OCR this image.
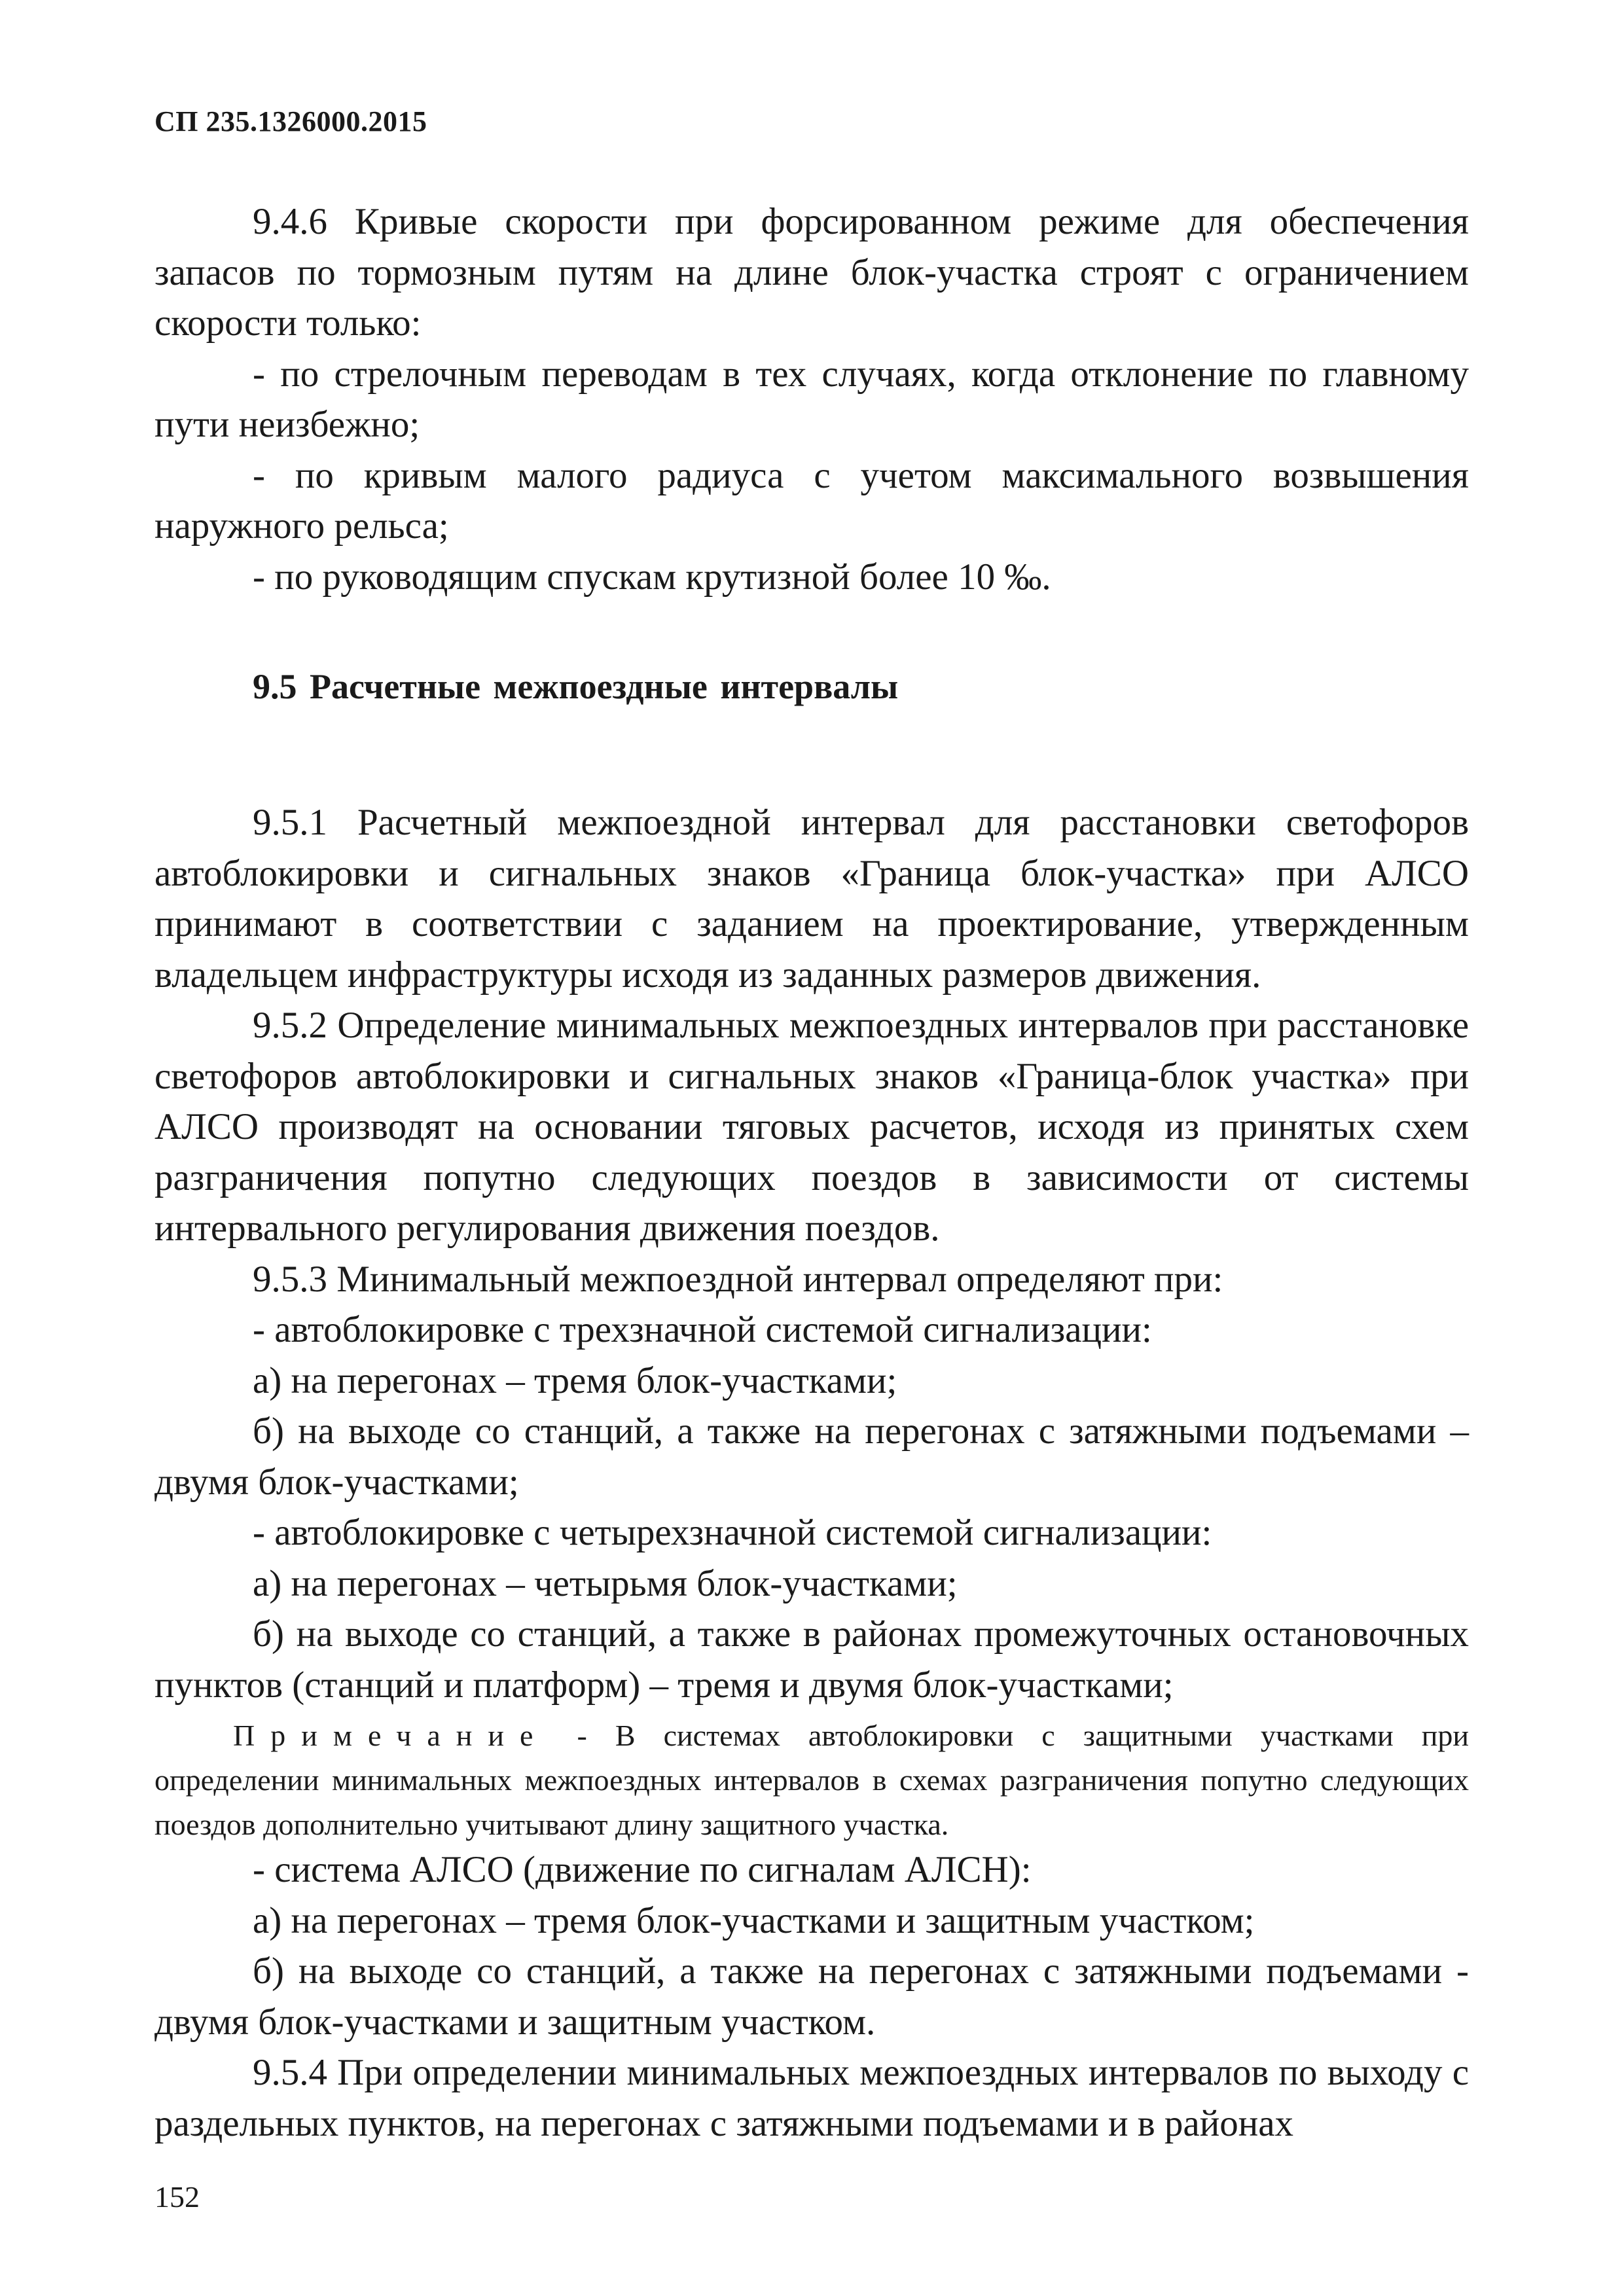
СП 235.1326000.2015

9.4.6 Кривые скорости при форсированном режиме для обеспечения запасов по тормозным путям на длине блок-участка строят с ограничением скорости только:

- по стрелочным переводам в тех случаях, когда отклонение по главному пути неизбежно;

- по кривым малого радиуса с учетом максимального возвышения наружного рельса;

- по руководящим спускам крутизной более 10 ‰.

9.5 Расчетные межпоездные интервалы

9.5.1 Расчетный межпоездной интервал для расстановки светофоров автоблокировки и сигнальных знаков «Граница блок-участка» при АЛСО принимают в соответствии с заданием на проектирование, утвержденным владельцем инфраструктуры исходя из заданных размеров движения.

9.5.2 Определение минимальных межпоездных интервалов при расстановке светофоров автоблокировки и сигнальных знаков «Граница-блок участка» при АЛСО производят на основании тяговых расчетов, исходя из принятых схем разграничения попутно следующих поездов в зависимости от системы интервального регулирования движения поездов.

9.5.3 Минимальный межпоездной интервал определяют при:

- автоблокировке с трехзначной системой сигнализации:

а) на перегонах – тремя блок-участками;

б) на выходе со станций, а также на перегонах с затяжными подъемами – двумя блок-участками;

- автоблокировке с четырехзначной системой сигнализации:

а) на перегонах – четырьмя блок-участками;

б) на выходе со станций, а также в районах промежуточных остановочных пунктов (станций и платформ) – тремя и двумя блок-участками;

Примечание - В системах автоблокировки с защитными участками при определении минимальных межпоездных интервалов в схемах разграничения попутно следующих поездов дополнительно учитывают длину защитного участка.

- система АЛСО (движение по сигналам АЛСН):

а) на перегонах – тремя блок-участками и защитным участком;

б) на выходе со станций, а также на перегонах с затяжными подъемами - двумя блок-участками и защитным участком.

9.5.4 При определении минимальных межпоездных интервалов по выходу с раздельных пунктов, на перегонах с затяжными подъемами и в районах

152
